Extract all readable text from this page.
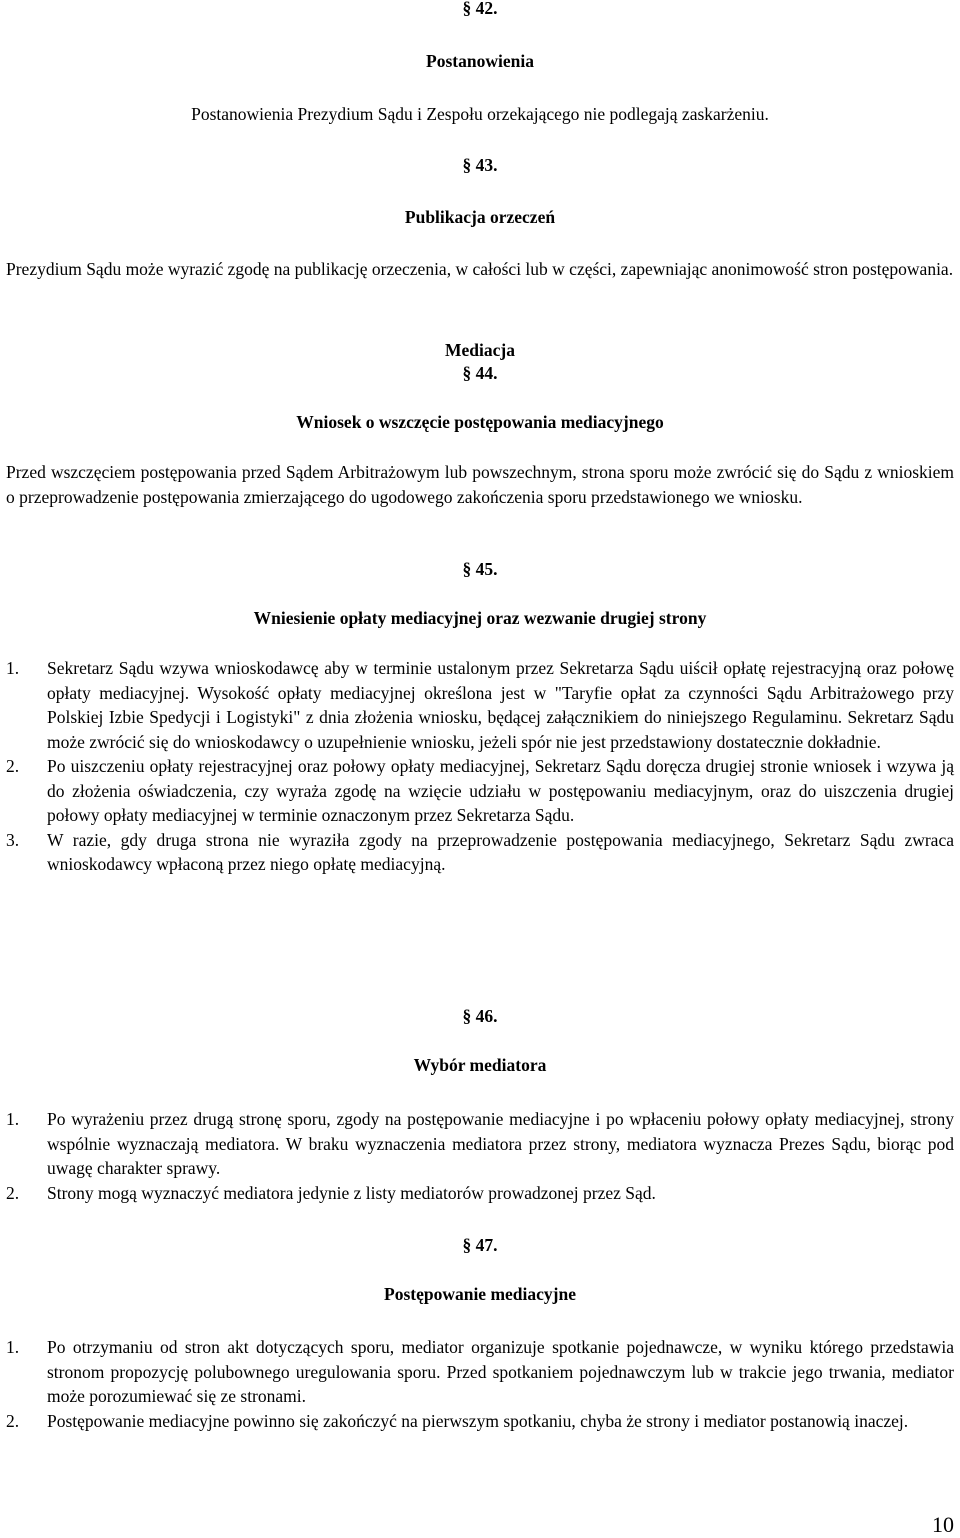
§ 42.
Postanowienia
Postanowienia Prezydium Sądu i Zespołu orzekającego nie podlegają zaskarżeniu.
§ 43.
Publikacja orzeczeń
Prezydium Sądu może wyrazić zgodę na publikację orzeczenia, w całości lub w części, zapewniając anonimowość stron postępowania.
Mediacja
§ 44.
Wniosek o wszczęcie postępowania mediacyjnego
Przed wszczęciem postępowania przed Sądem Arbitrażowym lub powszechnym, strona sporu może zwrócić się do Sądu z wnioskiem o przeprowadzenie postępowania zmierzającego do ugodowego zakończenia sporu przedstawionego we wniosku.
§ 45.
Wniesienie opłaty mediacyjnej oraz wezwanie drugiej strony
1. Sekretarz Sądu wzywa wnioskodawcę aby w terminie ustalonym przez Sekretarza Sądu uiścił opłatę rejestracyjną oraz połowę opłaty mediacyjnej. Wysokość opłaty mediacyjnej określona jest w "Taryfie opłat za czynności Sądu Arbitrażowego przy Polskiej Izbie Spedycji i Logistyki" z dnia złożenia wniosku, będącej załącznikiem do niniejszego Regulaminu. Sekretarz Sądu może zwrócić się do wnioskodawcy o uzupełnienie wniosku, jeżeli spór nie jest przedstawiony dostatecznie dokładnie.
2. Po uiszczeniu opłaty rejestracyjnej oraz połowy opłaty mediacyjnej, Sekretarz Sądu doręcza drugiej stronie wniosek i wzywa ją do złożenia oświadczenia, czy wyraża zgodę na wzięcie udziału w postępowaniu mediacyjnym, oraz do uiszczenia drugiej połowy opłaty mediacyjnej w terminie oznaczonym przez Sekretarza Sądu.
3. W razie, gdy druga strona nie wyraziła zgody na przeprowadzenie postępowania mediacyjnego, Sekretarz Sądu zwraca wnioskodawcy wpłaconą przez niego opłatę mediacyjną.
§ 46.
Wybór mediatora
1. Po wyrażeniu przez drugą stronę sporu, zgody na postępowanie mediacyjne i po wpłaceniu połowy opłaty mediacyjnej, strony wspólnie wyznaczają mediatora. W braku wyznaczenia mediatora przez strony, mediatora wyznacza Prezes Sądu, biorąc pod uwagę charakter sprawy.
2. Strony mogą wyznaczyć mediatora jedynie z listy mediatorów prowadzonej przez Sąd.
§ 47.
Postępowanie mediacyjne
1. Po otrzymaniu od stron akt dotyczących sporu, mediator organizuje spotkanie pojednawcze, w wyniku którego przedstawia stronom propozycję polubownego uregulowania sporu. Przed spotkaniem pojednawczym lub w trakcie jego trwania, mediator może porozumiewać się ze stronami.
2. Postępowanie mediacyjne powinno się zakończyć na pierwszym spotkaniu, chyba że strony i mediator postanowią inaczej.
10
